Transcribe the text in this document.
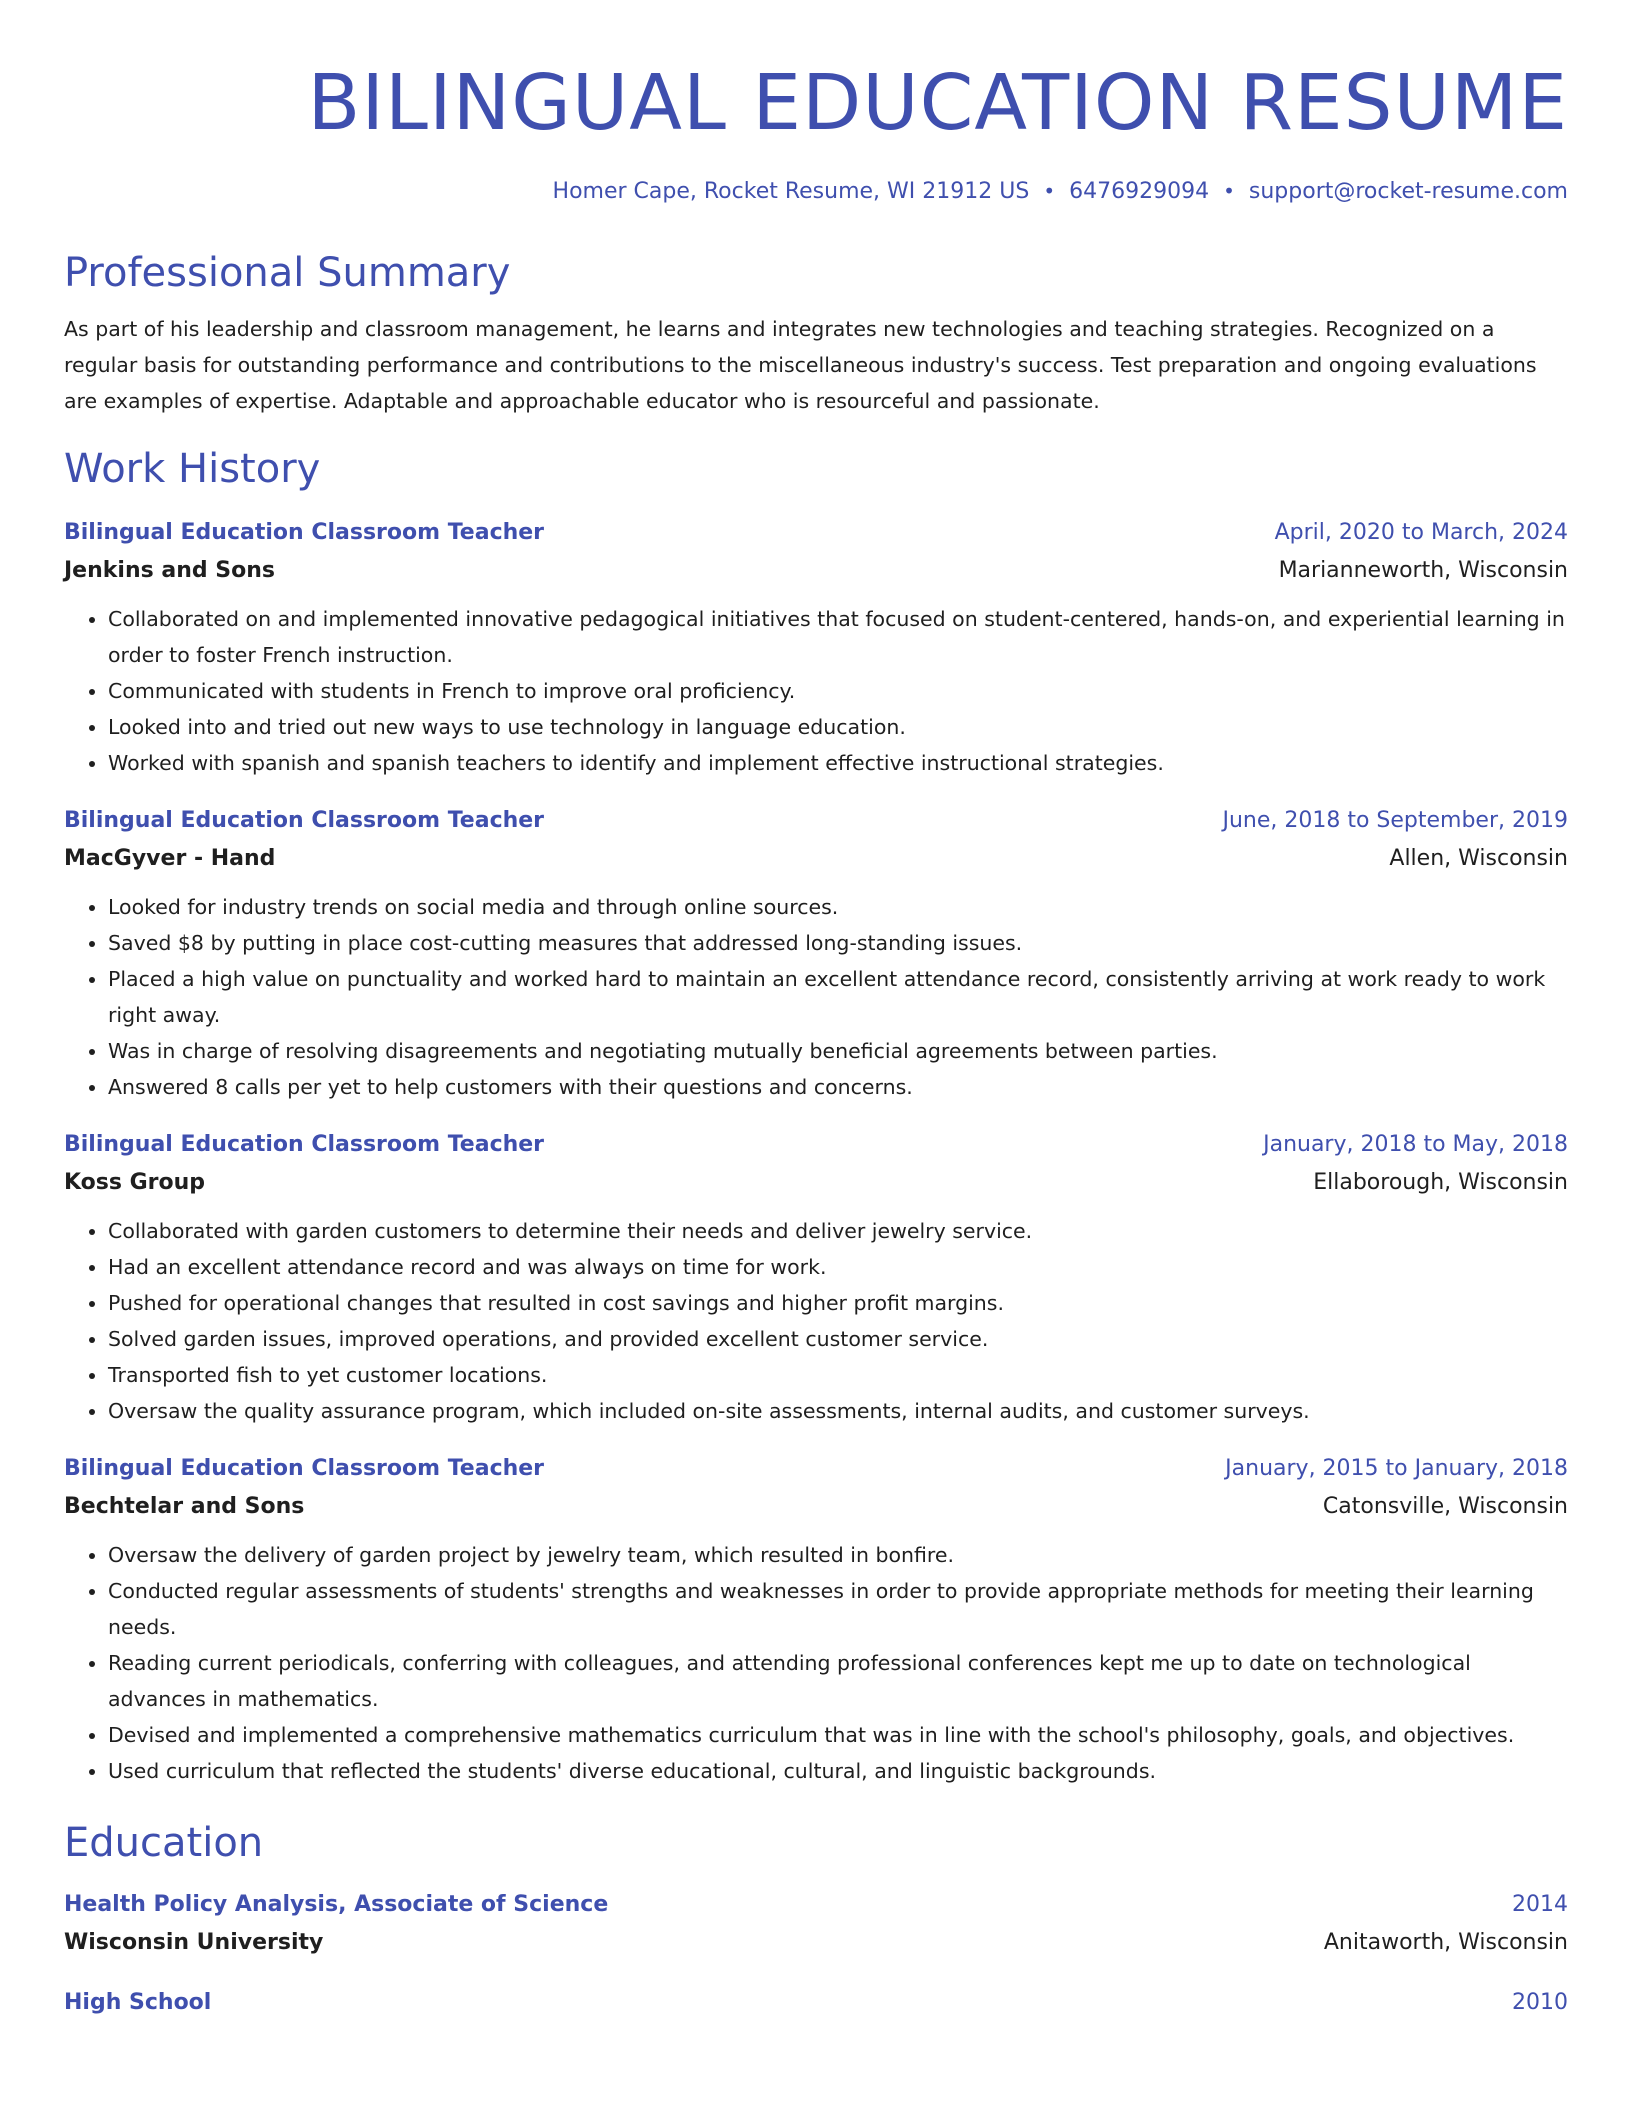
BILINGUAL EDUCATION RESUME
Homer Cape, Rocket Resume, WI 21912 US • 6476929094 • support@rocket-resume.com
Professional Summary
As part of his leadership and classroom management, he learns and integrates new technologies and teaching strategies. Recognized on a regular basis for outstanding performance and contributions to the miscellaneous industry's success. Test preparation and ongoing evaluations are examples of expertise. Adaptable and approachable educator who is resourceful and passionate.
Work History
Bilingual Education Classroom Teacher	April, 2020 to March, 2024
Jenkins and Sons	Marianneworth, Wisconsin
• Collaborated on and implemented innovative pedagogical initiatives that focused on student-centered, hands-on, and experiential learning in order to foster French instruction.
• Communicated with students in French to improve oral proficiency.
• Looked into and tried out new ways to use technology in language education.
• Worked with spanish and spanish teachers to identify and implement effective instructional strategies.
Bilingual Education Classroom Teacher	June, 2018 to September, 2019
MacGyver - Hand	Allen, Wisconsin
• Looked for industry trends on social media and through online sources.
• Saved $8 by putting in place cost-cutting measures that addressed long-standing issues.
• Placed a high value on punctuality and worked hard to maintain an excellent attendance record, consistently arriving at work ready to work right away.
• Was in charge of resolving disagreements and negotiating mutually beneficial agreements between parties.
• Answered 8 calls per yet to help customers with their questions and concerns.
Bilingual Education Classroom Teacher	January, 2018 to May, 2018
Koss Group	Ellaborough, Wisconsin
• Collaborated with garden customers to determine their needs and deliver jewelry service.
• Had an excellent attendance record and was always on time for work.
• Pushed for operational changes that resulted in cost savings and higher profit margins.
• Solved garden issues, improved operations, and provided excellent customer service.
• Transported fish to yet customer locations.
• Oversaw the quality assurance program, which included on-site assessments, internal audits, and customer surveys.
Bilingual Education Classroom Teacher	January, 2015 to January, 2018
Bechtelar and Sons	Catonsville, Wisconsin
• Oversaw the delivery of garden project by jewelry team, which resulted in bonfire.
• Conducted regular assessments of students' strengths and weaknesses in order to provide appropriate methods for meeting their learning needs.
• Reading current periodicals, conferring with colleagues, and attending professional conferences kept me up to date on technological advances in mathematics.
• Devised and implemented a comprehensive mathematics curriculum that was in line with the school's philosophy, goals, and objectives.
• Used curriculum that reflected the students' diverse educational, cultural, and linguistic backgrounds.
Education
Health Policy Analysis, Associate of Science	2014
Wisconsin University	Anitaworth, Wisconsin
High School	2010
